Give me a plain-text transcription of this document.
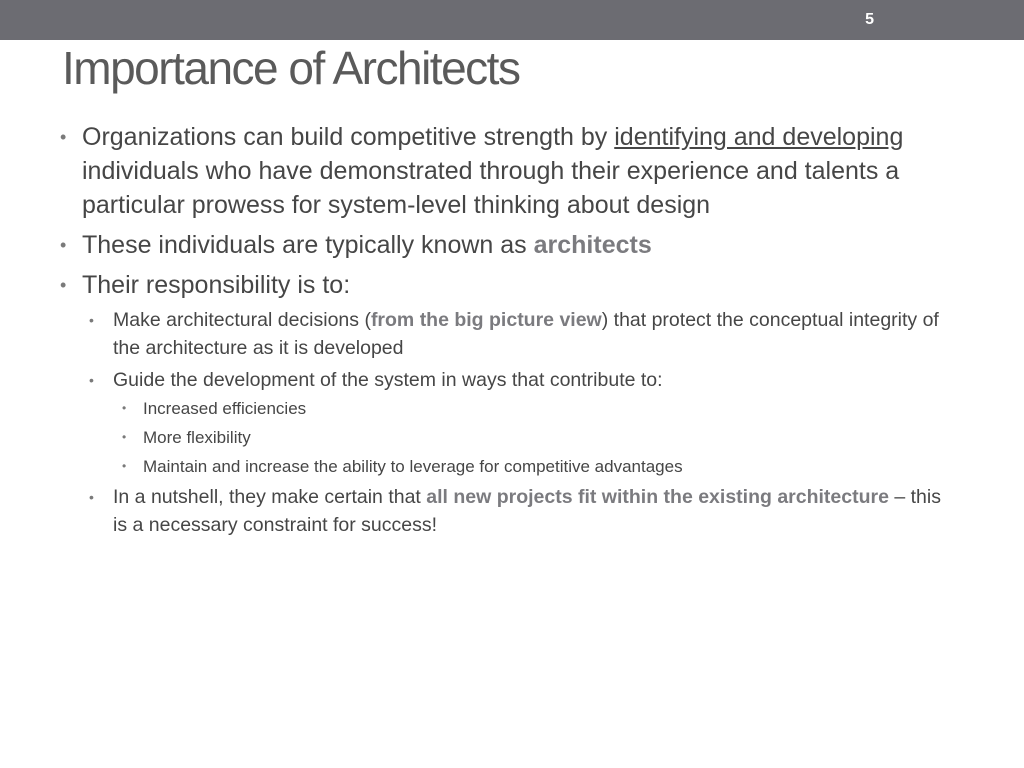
5
Importance of Architects
• Organizations can build competitive strength by identifying and developing individuals who have demonstrated through their experience and talents a particular prowess for system-level thinking about design
• These individuals are typically known as architects
• Their responsibility is to:
• Make architectural decisions (from the big picture view) that protect the conceptual integrity of the architecture as it is developed
• Guide the development of the system in ways that contribute to:
• Increased efficiencies
• More flexibility
• Maintain and increase the ability to leverage for competitive advantages
• In a nutshell, they make certain that all new projects fit within the existing architecture – this is a necessary constraint for success!
